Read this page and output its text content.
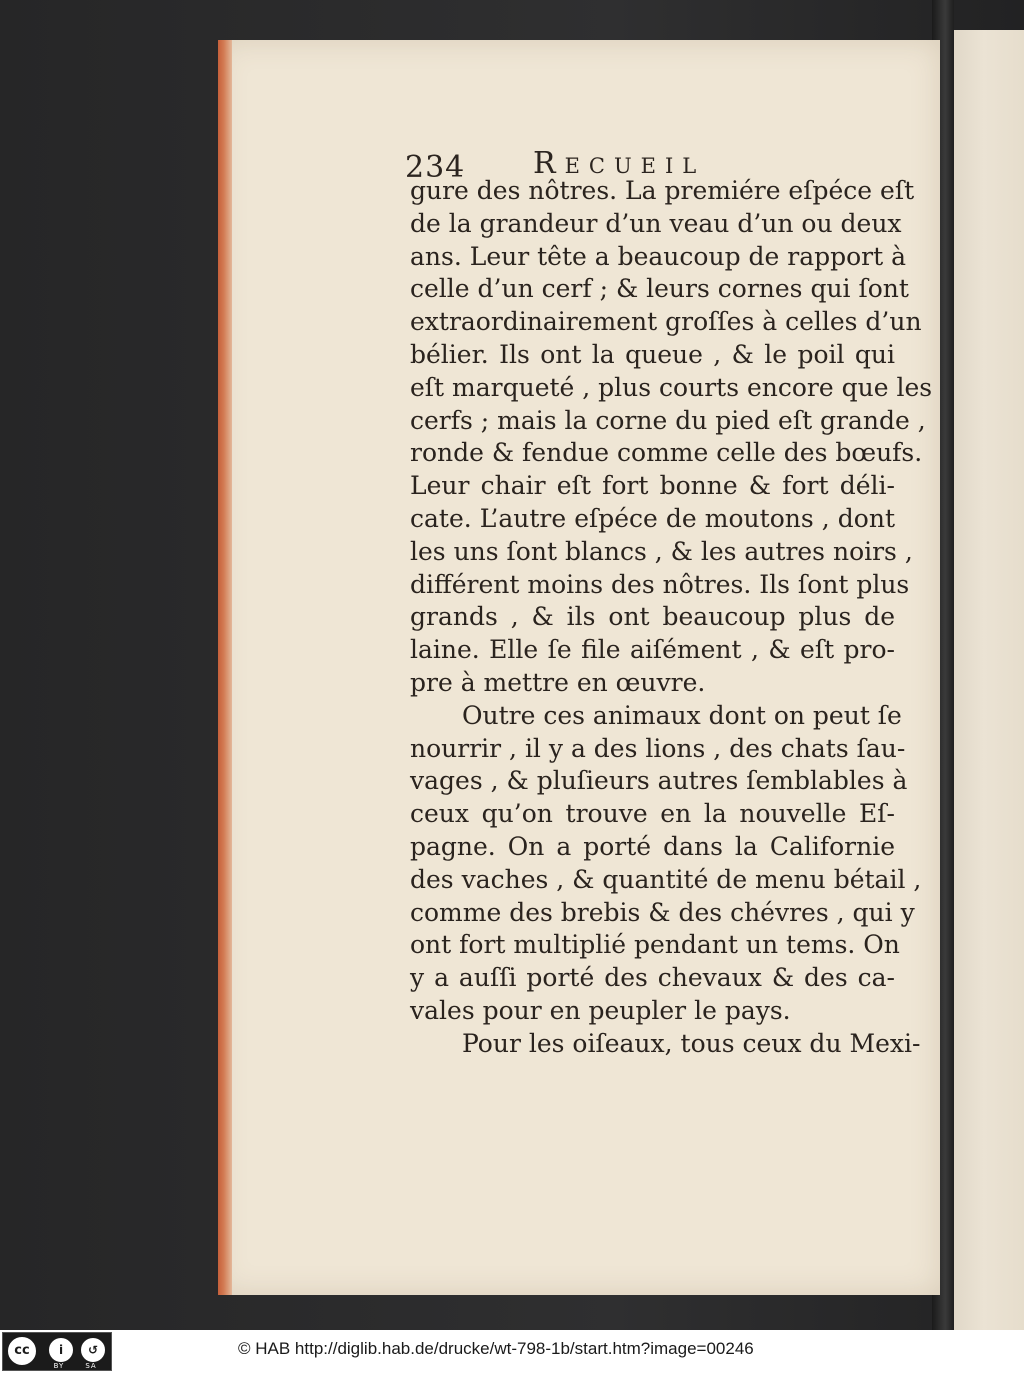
234 Recueil
gure des nôtres. La premiére eſpéce eſt
de la grandeur d’un veau d’un ou deux
ans. Leur tête a beaucoup de rapport à
celle d’un cerf ; & leurs cornes qui ſont
extraordinairement groſſes à celles d’un
bélier. Ils ont la queue , & le poil qui
eſt marqueté , plus courts encore que les
cerfs ; mais la corne du pied eſt grande ,
ronde & fendue comme celle des bœufs.
Leur chair eſt fort bonne & fort déli-
cate. L’autre eſpéce de moutons , dont
les uns ſont blancs , & les autres noirs ,
différent moins des nôtres. Ils ſont plus
grands , & ils ont beaucoup plus de
laine. Elle ſe file aiſément , & eſt pro-
pre à mettre en œuvre.
Outre ces animaux dont on peut ſe
nourrir , il y a des lions , des chats ſau-
vages , & pluſieurs autres ſemblables à
ceux qu’on trouve en la nouvelle Eſ-
pagne. On a porté dans la Californie
des vaches , & quantité de menu bétail ,
comme des brebis & des chévres , qui y
ont fort multiplié pendant un tems. On
y a auſſi porté des chevaux & des ca-
vales pour en peupler le pays.
Pour les oiſeaux, tous ceux du Mexi-
cc	i	↺
BY	SA
© HAB http://diglib.hab.de/drucke/wt-798-1b/start.htm?image=00246
